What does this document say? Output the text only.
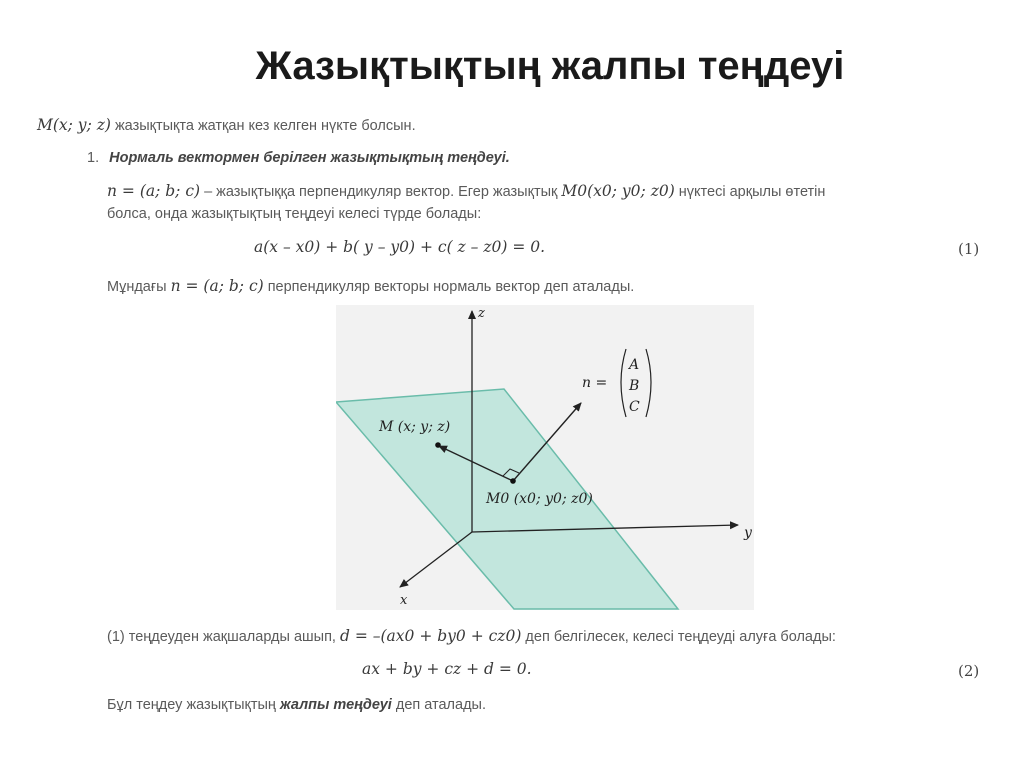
Жазықтықтың жалпы теңдеуі
M(x; y; z) жазықтықта жатқан кез келген нүкте болсын.
1. Нормаль вектормен берілген жазықтықтың теңдеуі.
n = (a; b; c) – жазықтыққа перпендикуляр вектор. Егер жазықтық M0(x0; y0; z0) нүктесі арқылы өтетін
болса, онда жазықтықтың теңдеуі келесі түрде болады:
a(x – x0) + b( y – y0) + c( z – z0) = 0.	(1)
Мұндағы n = (a; b; c) перпендикуляр векторы нормаль вектор деп аталады.
z
y
x
M (x; y; z)
M0 (x0; y0; z0)
n =
A
B
C
(1) теңдеуден жақшаларды ашып, d = –(ax0 + by0 + cz0) деп белгілесек, келесі теңдеуді алуға болады:
ax + by + cz + d = 0.	(2)
Бұл теңдеу жазықтықтың жалпы теңдеуі деп аталады.
